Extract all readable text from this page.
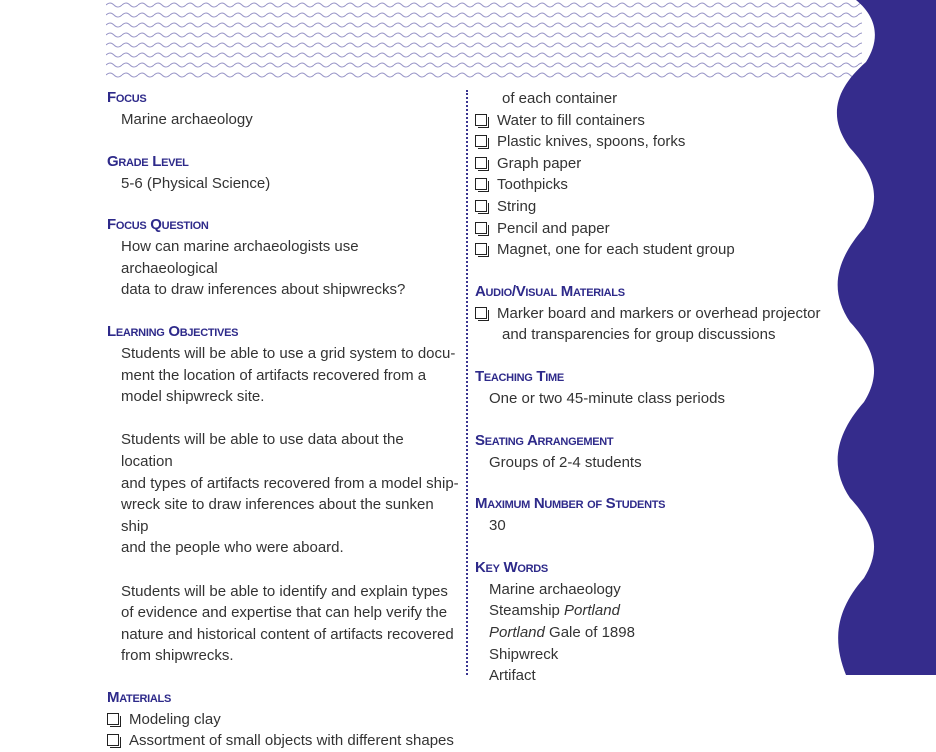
Focus

Marine archaeology

Grade Level

5-6 (Physical Science)

Focus Question

How can marine archaeologists use archaeological

data to draw inferences about shipwrecks?

Learning Objectives

Students will be able to use a grid system to docu-

ment the location of artifacts recovered from a

model shipwreck site.

Students will be able to use data about the location

and types of artifacts recovered from a model ship-

wreck site to draw inferences about the sunken ship

and the people who were aboard.

Students will be able to identify and explain types

of evidence and expertise that can help verify the

nature and historical content of artifacts recovered

from shipwrecks.

Materials

Modeling clay

Assortment of small objects with different shapes

of each container

Water to fill containers

Plastic knives, spoons, forks

Graph paper

Toothpicks

String

Pencil and paper

Magnet, one for each student group

Audio/Visual Materials

Marker board and markers or overhead projector

and transparencies for group discussions

Teaching Time

One or two 45-minute class periods

Seating Arrangement

Groups of 2-4 students

Maximum Number of Students

30

Key Words

Marine archaeology

Steamship Portland

Portland Gale of 1898

Shipwreck

Artifact
